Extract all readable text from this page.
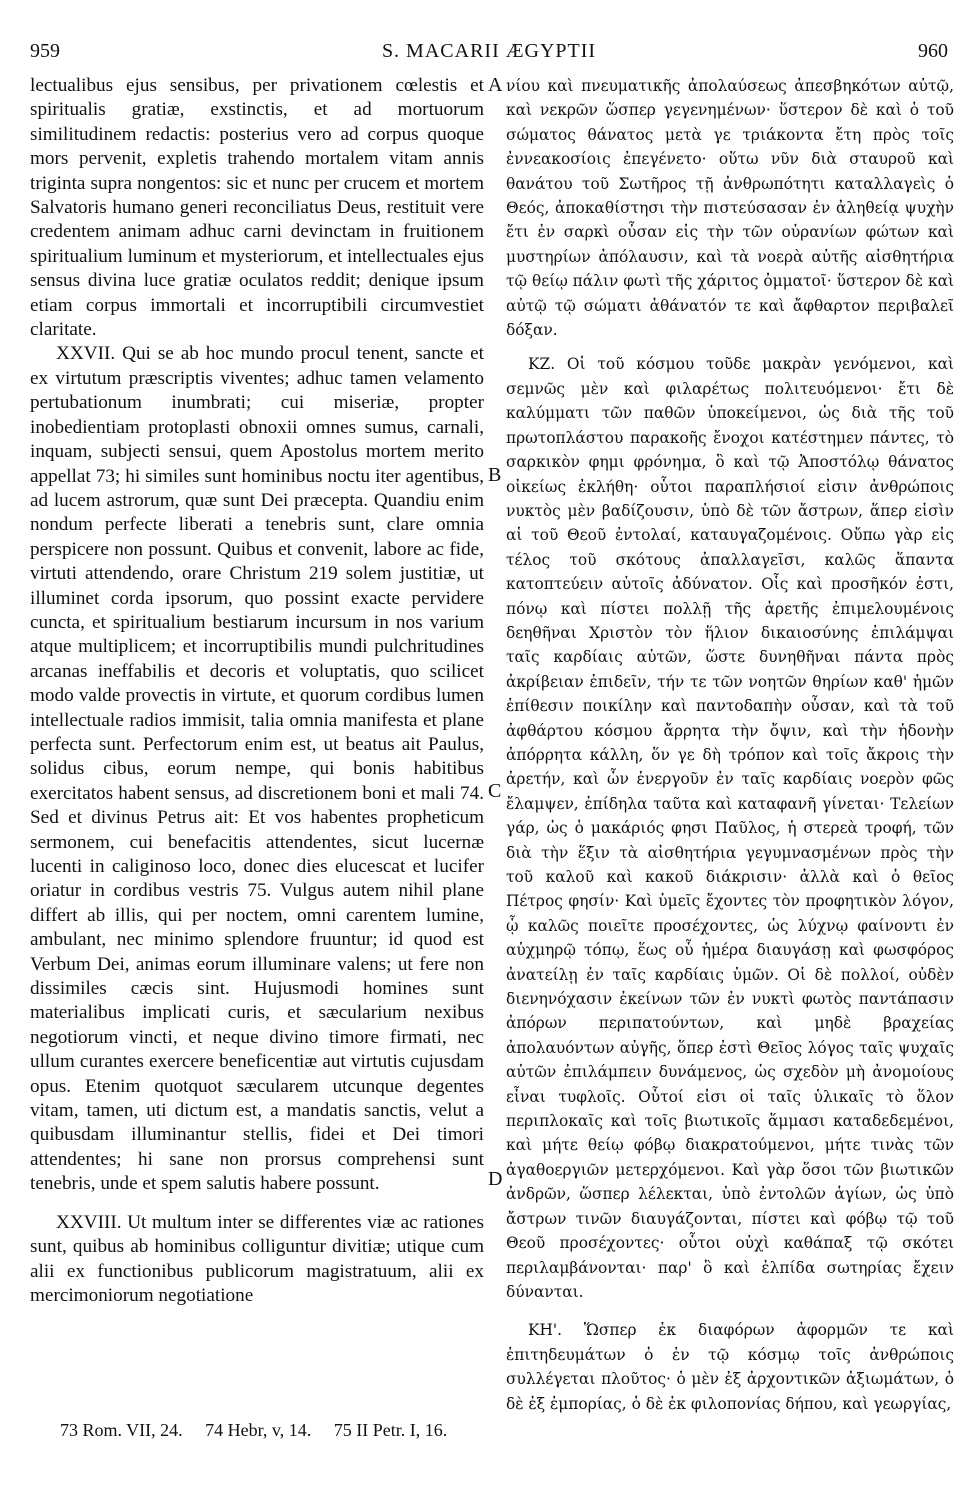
959	S. MACARII ÆGYPTII	960

lectualibus ejus sensibus, per privationem cœlestis et spiritualis gratiæ, exstinctis, et ad mortuorum similitudinem redactis: posterius vero ad corpus quoque mors pervenit, expletis trahendo mortalem vitam annis triginta supra nongentos: sic et nunc per crucem et mortem Salvatoris humano generi reconciliatus Deus, restituit vere credentem animam adhuc carni devinctam in fruitionem spiritualium luminum et mysteriorum, et intellectuales ejus sensus divina luce gratiæ oculatos reddit; denique ipsum etiam corpus immortali et incorruptibili circumvestiet claritate.

XXVII. Qui se ab hoc mundo procul tenent, sancte et ex virtutum præscriptis viventes; adhuc tamen velamento pertubationum inumbrati; cui miseriæ, propter inobedientiam protoplasti obnoxii omnes sumus, carnali, inquam, subjecti sensui, quem Apostolus mortem merito appellat 73; hi similes sunt hominibus noctu iter agentibus, ad lucem astrorum, quæ sunt Dei præcepta. Quandiu enim nondum perfecte liberati a tenebris sunt, clare omnia perspicere non possunt. Quibus et convenit, labore ac fide, virtuti attendendo, orare Christum 219 solem justitiæ, ut illuminet corda ipsorum, quo possint exacte pervidere cuncta, et spiritualium bestiarum incursum in nos varium atque multiplicem; et incorruptibilis mundi pulchritudines arcanas ineffabilis et decoris et voluptatis, quo scilicet modo valde provectis in virtute, et quorum cordibus lumen intellectuale radios immisit, talia omnia manifesta et plane perfecta sunt. Perfectorum enim est, ut beatus ait Paulus, solidus cibus, eorum nempe, qui bonis habitibus exercitatos habent sensus, ad discretionem boni et mali 74. Sed et divinus Petrus ait: Et vos habentes propheticum sermonem, cui benefacitis attendentes, sicut lucernæ lucenti in caliginoso loco, donec dies elucescat et lucifer oriatur in cordibus vestris 75. Vulgus autem nihil plane differt ab illis, qui per noctem, omni carentem lumine, ambulant, nec minimo splendore fruuntur; id quod est Verbum Dei, animas eorum illuminare valens; ut fere non dissimiles cæcis sint. Hujusmodi homines sunt materialibus implicati curis, et sæcularium nexibus negotiorum vincti, et neque divino timore firmati, nec ullum curantes exercere beneficentiæ aut virtutis cujusdam opus. Etenim quotquot sæcularem utcunque degentes vitam, tamen, uti dictum est, a mandatis sanctis, velut a quibusdam illuminantur stellis, fidei et Dei timori attendentes; hi sane non prorsus comprehensi sunt tenebris, unde et spem salutis habere possunt.

XXVIII. Ut multum inter se differentes viæ ac rationes sunt, quibus ab hominibus colliguntur divitiæ; utique cum alii ex functionibus publicorum magistratuum, alii ex mercimoniorum negotiatione

νίου καὶ πνευματικῆς ἀπολαύσεως ἀπεσβηκότων αὐτῷ, καὶ νεκρῶν ὥσπερ γεγενημένων· ὕστερον δὲ καὶ ὁ τοῦ σώματος θάνατος μετὰ γε τριάκοντα ἔτη πρὸς τοῖς ἐννεακοσίοις ἐπεγένετο· οὕτω νῦν διὰ σταυροῦ καὶ θανάτου τοῦ Σωτῆρος τῇ ἀνθρωπότητι καταλλαγεὶς ὁ Θεός, ἀποκαθίστησι τὴν πιστεύσασαν ἐν ἀληθείᾳ ψυχὴν ἔτι ἐν σαρκὶ οὖσαν εἰς τὴν τῶν οὐρανίων φώτων καὶ μυστηρίων ἀπόλαυσιν, καὶ τὰ νοερὰ αὐτῆς αἰσθητήρια τῷ θείῳ πάλιν φωτὶ τῆς χάριτος ὀμματοῖ· ὕστερον δὲ καὶ αὐτῷ τῷ σώματι ἀθάνατόν τε καὶ ἄφθαρτον περιβαλεῖ δόξαν.

ΚΖ. Οἱ τοῦ κόσμου τοῦδε μακρὰν γενόμενοι, καὶ σεμνῶς μὲν καὶ φιλαρέτως πολιτευόμενοι· ἔτι δὲ καλύμματι τῶν παθῶν ὑποκείμενοι, ὡς διὰ τῆς τοῦ πρωτοπλάστου παρακοῆς ἔνοχοι κατέστημεν πάντες, τὸ σαρκικὸν φημι φρόνημα, ὃ καὶ τῷ Ἀποστόλῳ θάνατος οἰκείως ἐκλήθη· οὗτοι παραπλήσιοί εἰσιν ἀνθρώποις νυκτὸς μὲν βαδίζουσιν, ὑπὸ δὲ τῶν ἄστρων, ἅπερ εἰσὶν αἱ τοῦ Θεοῦ ἐντολαί, καταυγαζομένοις. Οὔπω γὰρ εἰς τέλος τοῦ σκότους ἀπαλλαγεῖσι, καλῶς ἅπαντα κατοπτεύειν αὐτοῖς ἀδύνατον. Οἷς καὶ προσῆκόν ἐστι, πόνῳ καὶ πίστει πολλῇ τῆς ἀρετῆς ἐπιμελουμένοις δεηθῆναι Χριστὸν τὸν ἥλιον δικαιοσύνης ἐπιλάμψαι ταῖς καρδίαις αὐτῶν, ὥστε δυνηθῆναι πάντα πρὸς ἀκρίβειαν ἐπιδεῖν, τήν τε τῶν νοητῶν θηρίων καθ' ἡμῶν ἐπίθεσιν ποικίλην καὶ παντοδαπὴν οὖσαν, καὶ τὰ τοῦ ἀφθάρτου κόσμου ἄρρητα τὴν ὄψιν, καὶ τὴν ἡδονὴν ἀπόρρητα κάλλη, ὅν γε δὴ τρόπον καὶ τοῖς ἄκροις τὴν ἀρετήν, καὶ ὧν ἐνεργοῦν ἐν ταῖς καρδίαις νοερὸν φῶς ἔλαμψεν, ἐπίδηλα ταῦτα καὶ καταφανῆ γίνεται· Τελείων γάρ, ὡς ὁ μακάριός φησι Παῦλος, ἡ στερεὰ τροφή, τῶν διὰ τὴν ἕξιν τὰ αἰσθητήρια γεγυμνασμένων πρὸς τὴν τοῦ καλοῦ καὶ κακοῦ διάκρισιν· ἀλλὰ καὶ ὁ θεῖος Πέτρος φησίν· Καὶ ὑμεῖς ἔχοντες τὸν προφητικὸν λόγον, ᾧ καλῶς ποιεῖτε προσέχοντες, ὡς λύχνῳ φαίνοντι ἐν αὐχμηρῷ τόπῳ, ἕως οὗ ἡμέρα διαυγάσῃ καὶ φωσφόρος ἀνατείλῃ ἐν ταῖς καρδίαις ὑμῶν. Οἱ δὲ πολλοί, οὐδὲν διενηνόχασιν ἐκείνων τῶν ἐν νυκτὶ φωτὸς παντάπασιν ἀπόρων περιπατούντων, καὶ μηδὲ βραχείας ἀπολαυόντων αὐγῆς, ὅπερ ἐστὶ Θεῖος λόγος ταῖς ψυχαῖς αὐτῶν ἐπιλάμπειν δυνάμενος, ὡς σχεδὸν μὴ ἀνομοίους εἶναι τυφλοῖς. Οὗτοί εἰσι οἱ ταῖς ὑλικαῖς τὸ ὅλον περιπλοκαῖς καὶ τοῖς βιωτικοῖς ἅμμασι καταδεδεμένοι, καὶ μήτε θείῳ φόβῳ διακρατούμενοι, μήτε τινὰς τῶν ἀγαθοεργιῶν μετερχόμενοι. Καὶ γὰρ ὅσοι τῶν βιωτικῶν ἀνδρῶν, ὥσπερ λέλεκται, ὑπὸ ἐντολῶν ἁγίων, ὡς ὑπὸ ἄστρων τινῶν διαυγάζονται, πίστει καὶ φόβῳ τῷ τοῦ Θεοῦ προσέχοντες· οὗτοι οὐχὶ καθάπαξ τῷ σκότει περιλαμβάνονται· παρ' ὃ καὶ ἐλπίδα σωτηρίας ἔχειν δύνανται.

ΚΗ'. Ὥσπερ ἐκ διαφόρων ἀφορμῶν τε καὶ ἐπιτηδευμάτων ὁ ἐν τῷ κόσμῳ τοῖς ἀνθρώποις συλλέγεται πλοῦτος· ὁ μὲν ἐξ ἀρχοντικῶν ἀξιωμάτων, ὁ δὲ ἐξ ἐμπορίας, ὁ δὲ ἐκ φιλοπονίας δήπου, καὶ γεωργίας,

A
B
C
D
73 Rom. VII, 24. 74 Hebr, v, 14. 75 II Petr. I, 16.
